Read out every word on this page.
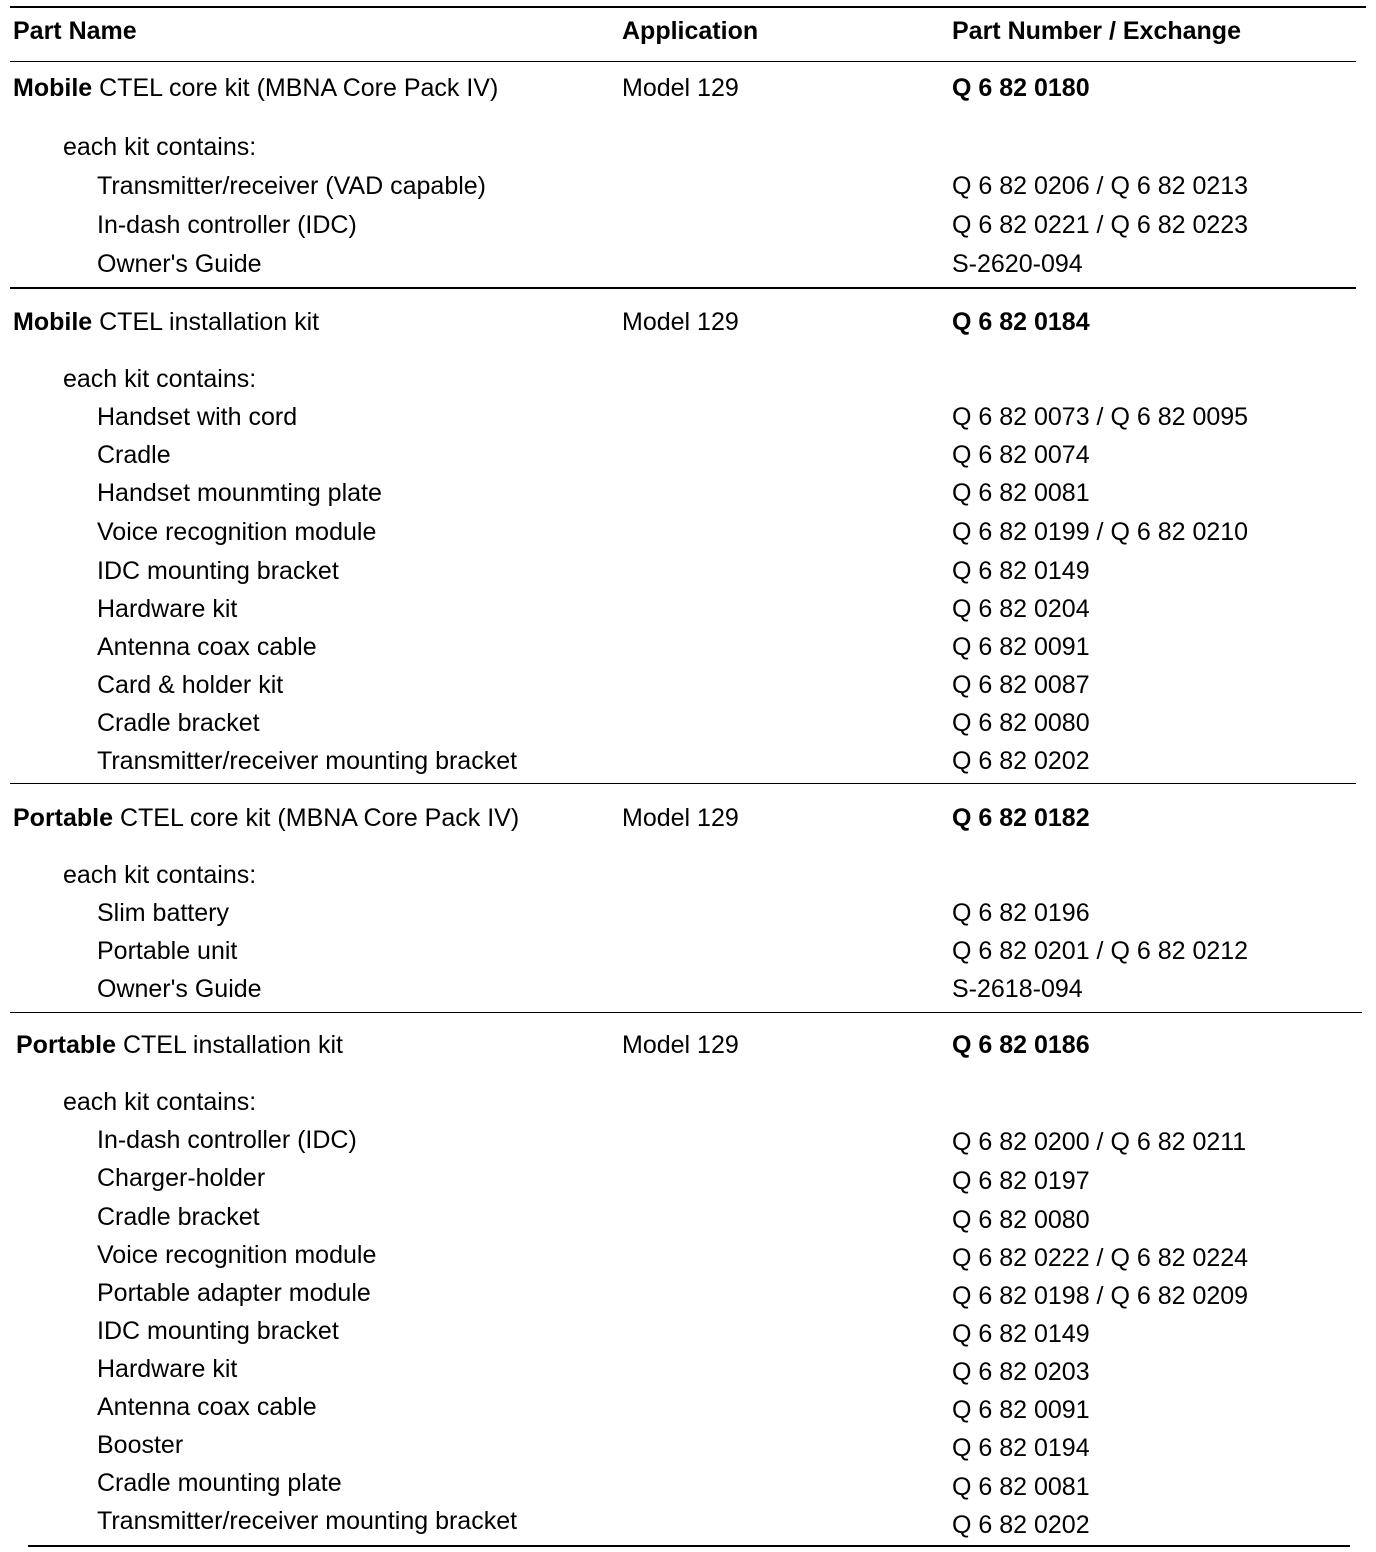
Part Name	Application	Part Number / Exchange
Mobile CTEL core kit (MBNA Core Pack IV)	Model 129	Q 6 82 0180
each kit contains:
Transmitter/receiver (VAD capable)	Q 6 82 0206 / Q 6 82 0213
In-dash controller (IDC)	Q 6 82 0221 / Q 6 82 0223
Owner's Guide	S-2620-094
Mobile CTEL installation kit	Model 129	Q 6 82 0184
each kit contains:
Handset with cord	Q 6 82 0073 / Q 6 82 0095
Cradle	Q 6 82 0074
Handset mounmting plate	Q 6 82 0081
Voice recognition module	Q 6 82 0199 / Q 6 82 0210
IDC mounting bracket	Q 6 82 0149
Hardware kit	Q 6 82 0204
Antenna coax cable	Q 6 82 0091
Card & holder kit	Q 6 82 0087
Cradle bracket	Q 6 82 0080
Transmitter/receiver mounting bracket	Q 6 82 0202
Portable CTEL core kit (MBNA Core Pack IV)	Model 129	Q 6 82 0182
each kit contains:
Slim battery	Q 6 82 0196
Portable unit	Q 6 82 0201 / Q 6 82 0212
Owner's Guide	S-2618-094
Portable CTEL installation kit	Model 129	Q 6 82 0186
each kit contains:
In-dash controller (IDC)	Q 6 82 0200 / Q 6 82 0211
Charger-holder	Q 6 82 0197
Cradle bracket	Q 6 82 0080
Voice recognition module	Q 6 82 0222 / Q 6 82 0224
Portable adapter module	Q 6 82 0198 / Q 6 82 0209
IDC mounting bracket	Q 6 82 0149
Hardware kit	Q 6 82 0203
Antenna coax cable	Q 6 82 0091
Booster	Q 6 82 0194
Cradle mounting plate	Q 6 82 0081
Transmitter/receiver mounting bracket	Q 6 82 0202
